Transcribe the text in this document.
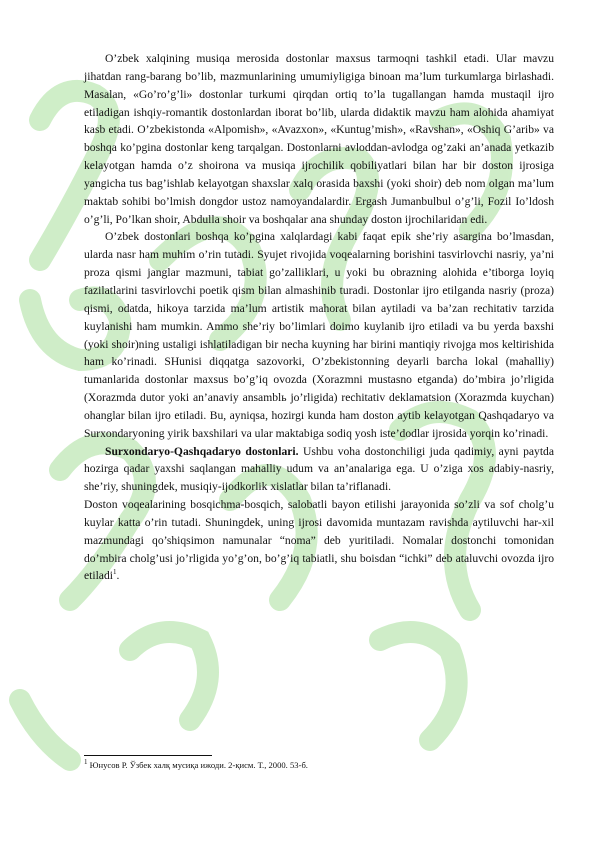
O’zbek xalqining musiqa merosida dostonlar maxsus tarmoqni tashkil etadi. Ular mavzu jihatdan rang-barang bo’lib, mazmunlarining umumiyligiga binoan ma’lum turkumlarga birlashadi. Masalan, «Go’ro’g’li» dostonlar turkumi qirqdan ortiq to’la tugallangan hamda mustaqil ijro etiladigan ishqiy-romantik dostonlardan iborat bo’lib, ularda didaktik mavzu ham alohida ahamiyat kasb etadi. O’zbekistonda «Alpomish», «Avazxon», «Kuntug’mish», «Ravshan», «Oshiq G’arib» va boshqa ko’pgina dostonlar keng tarqalgan. Dostonlarni avloddan-avlodga og’zaki an’anada yetkazib kelayotgan hamda o’z shoirona va musiqa ijrochilik qobiliyatlari bilan har bir doston ijrosiga yangicha tus bag’ishlab kelayotgan shaxslar xalq orasida baxshi (yoki shoir) deb nom olgan ma’lum maktab sohibi bo’lmish dongdor ustoz namoyandalardir. Ergash Jumanbulbul o’g’li, Fozil Io’ldosh o’g’li, Po’lkan shoir, Abdulla shoir va boshqalar ana shunday doston ijrochilaridan edi.

O’zbek dostonlari boshqa ko’pgina xalqlardagi kabi faqat epik she’riy asargina bo’lmasdan, ularda nasr ham muhim o’rin tutadi. Syujet rivojida voqealarning borishini tasvirlovchi nasriy, ya’ni proza qismi janglar mazmuni, tabiat go’zalliklari, u yoki bu obrazning alohida e’tiborga loyiq fazilatlarini tasvirlovchi poetik qism bilan almashinib turadi. Dostonlar ijro etilganda nasriy (proza) qismi, odatda, hikoya tarzida ma’lum artistik mahorat bilan aytiladi va ba’zan rechitativ tarzida kuylanishi ham mumkin. Ammo she’riy bo’limlari doimo kuylanib ijro etiladi va bu yerda baxshi (yoki shoir)ning ustaligi ishlatiladigan bir necha kuyning har birini mantiqiy rivojga mos keltirishida ham ko’rinadi. SHunisi diqqatga sazovorki, O’zbekistonning deyarli barcha lokal (mahalliy) tumanlarida dostonlar maxsus bo’g’iq ovozda (Xorazmni mustasno etganda) do’mbira jo’rligida (Xorazmda dutor yoki an’anaviy ansamblь jo’rligida) rechitativ deklamatsion (Xorazmda kuychan) ohanglar bilan ijro etiladi. Bu, ayniqsa, hozirgi kunda ham doston aytib kelayotgan Qashqadaryo va Surxondaryoning yirik baxshilari va ular maktabiga sodiq yosh iste’dodlar ijrosida yorqin ko’rinadi.

Surxondaryo-Qashqadaryo dostonlari. Ushbu voha dostonchiligi juda qadimiy, ayni paytda hozirga qadar yaxshi saqlangan mahalliy udum va an’analariga ega. U o’ziga xos adabiy-nasriy, she’riy, shuningdek, musiqiy-ijodkorlik xislatlar bilan ta’riflanadi.

Doston voqealarining bosqichma-bosqich, salobatli bayon etilishi jarayonida so’zli va sof cholg’u kuylar katta o’rin tutadi. Shuningdek, uning ijrosi davomida muntazam ravishda aytiluvchi har-xil mazmundagi qo’shiqsimon namunalar “noma” deb yuritiladi. Nomalar dostonchi tomonidan do’mbira cholg’usi jo’rligida yo’g’on, bo’g’iq tabiatli, shu boisdan “ichki” deb ataluvchi ovozda ijro etiladi$^1$.

$^1$ Юнусов Р. Ўзбек халқ мусиқа ижоди. 2-қисм. Т., 2000. 53-б.
